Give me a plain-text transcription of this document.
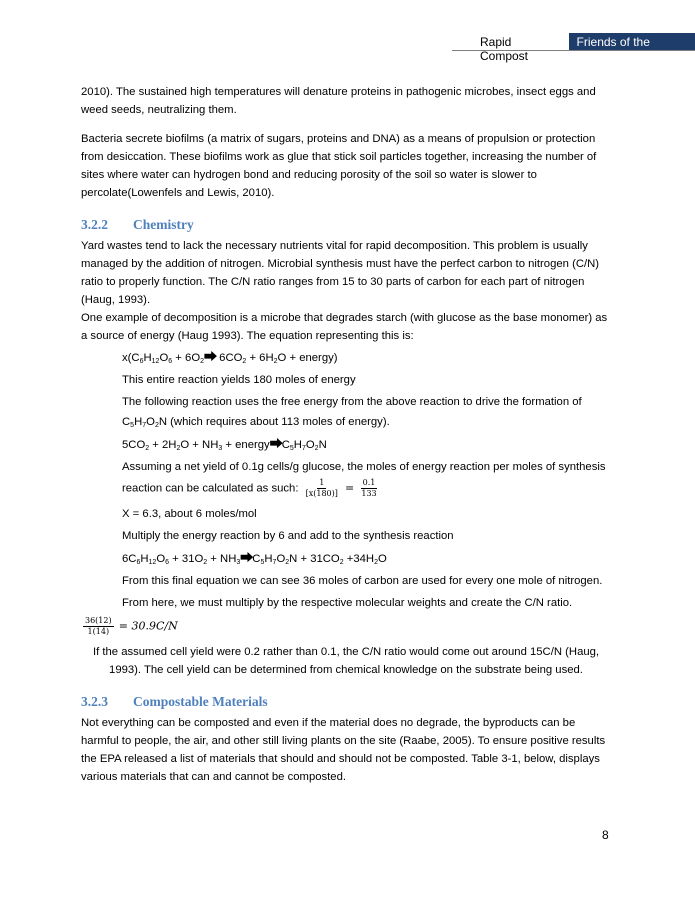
Rapid Compost
Friends of the Dunes

2010). The sustained high temperatures will denature proteins in pathogenic microbes, insect eggs and weed seeds, neutralizing them.

Bacteria secrete biofilms (a matrix of sugars, proteins and DNA) as a means of propulsion or protection from desiccation. These biofilms work as glue that stick soil particles together, increasing the number of sites where water can hydrogen bond and reducing porosity of the soil so water is slower to percolate(Lowenfels and Lewis, 2010).

3.2.2 Chemistry

Yard wastes tend to lack the necessary nutrients vital for rapid decomposition. This problem is usually managed by the addition of nitrogen. Microbial synthesis must have the perfect carbon to nitrogen (C/N) ratio to properly function. The C/N ratio ranges from 15 to 30 parts of carbon for each part of nitrogen (Haug, 1993).

One example of decomposition is a microbe that degrades starch (with glucose as the base monomer) as a source of energy (Haug 1993). The equation representing this is:

$x(C_6H_{12}O_6$ + $6O_2⮕$ $6CO_2 + 6H_2O$ + energy)

This entire reaction yields 180 moles of energy

The following reaction uses the free energy from the above reaction to drive the formation of

$C_5H_7O_2N$ (which requires about 113 moles of energy).

$5CO_2 + 2H_2O + NH_3$ + $energy⮕C_5H_7O_2N$

Assuming a net yield of 0.1g cells/g glucose, the moles of energy reaction per moles of synthesis

reaction can be calculated as such: $\frac{1}{[x(180)]} = \frac{0.1}{133}$

X = 6.3, about 6 moles/mol

Multiply the energy reaction by 6 and add to the synthesis reaction

$6C_6H_{12}O_6 + 31O_2$ + $NH_3⮕C_5H_7O_2N + 31CO_2 +34H_2O$

From this final equation we can see 36 moles of carbon are used for every one mole of nitrogen.

From here, we must multiply by the respective molecular weights and create the C/N ratio.

$\frac{36(12)}{1(14)} = 30.9C/N$

If the assumed cell yield were 0.2 rather than 0.1, the C/N ratio would come out around 15C/N (Haug, 1993). The cell yield can be determined from chemical knowledge on the substrate being used.

3.2.3 Compostable Materials

Not everything can be composted and even if the material does no degrade, the byproducts can be harmful to people, the air, and other still living plants on the site (Raabe, 2005). To ensure positive results the EPA released a list of materials that should and should not be composted. Table 3-1, below, displays various materials that can and cannot be composted.

8
